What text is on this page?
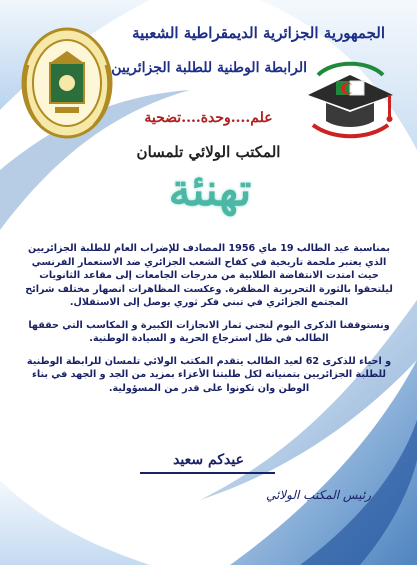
الجمهورية الجزائرية الديمقراطية الشعبية
الرابطة الوطنية للطلبة الجزائريين
علم....وحدة....تضحية
المكتب الولائي تلمسان
تهنئة

بمناسبة عيد الطالب 19 ماي 1956 المصادف للإضراب العام للطلبة الجزائريين الذي يعتبر ملحمة تاريخية في كفاح الشعب الجزائري ضد الاستعمار الفرنسي حيث امتدت الانتفاضة الطلابية من مدرجات الجامعات إلى مقاعد الثانويات ليلتحقوا بالثورة التحريرية المظفرة. وعكست المظاهرات انصهار مختلف شرائح المجتمع الجزائري في تبني فكر ثوري يوصل إلى الاستقلال.

ونستوقفنا الذكرى اليوم لنجني ثمار الانجازات الكبيرة و المكاسب التي حققها الطالب في ظل استرجاع الحرية و السيادة الوطنية.

و احياء للذكرى 62 لعيد الطالب يتقدم المكتب الولائي تلمسان للرابطة الوطنية للطلبة الجزائريين بتمنياته لكل طلبتنا الأعزاء بمزيد من الجد و الجهد في بناء الوطن وان تكونوا على قدر من المسؤولية.

عيدكم سعيد
رئيس المكتب الولائي
